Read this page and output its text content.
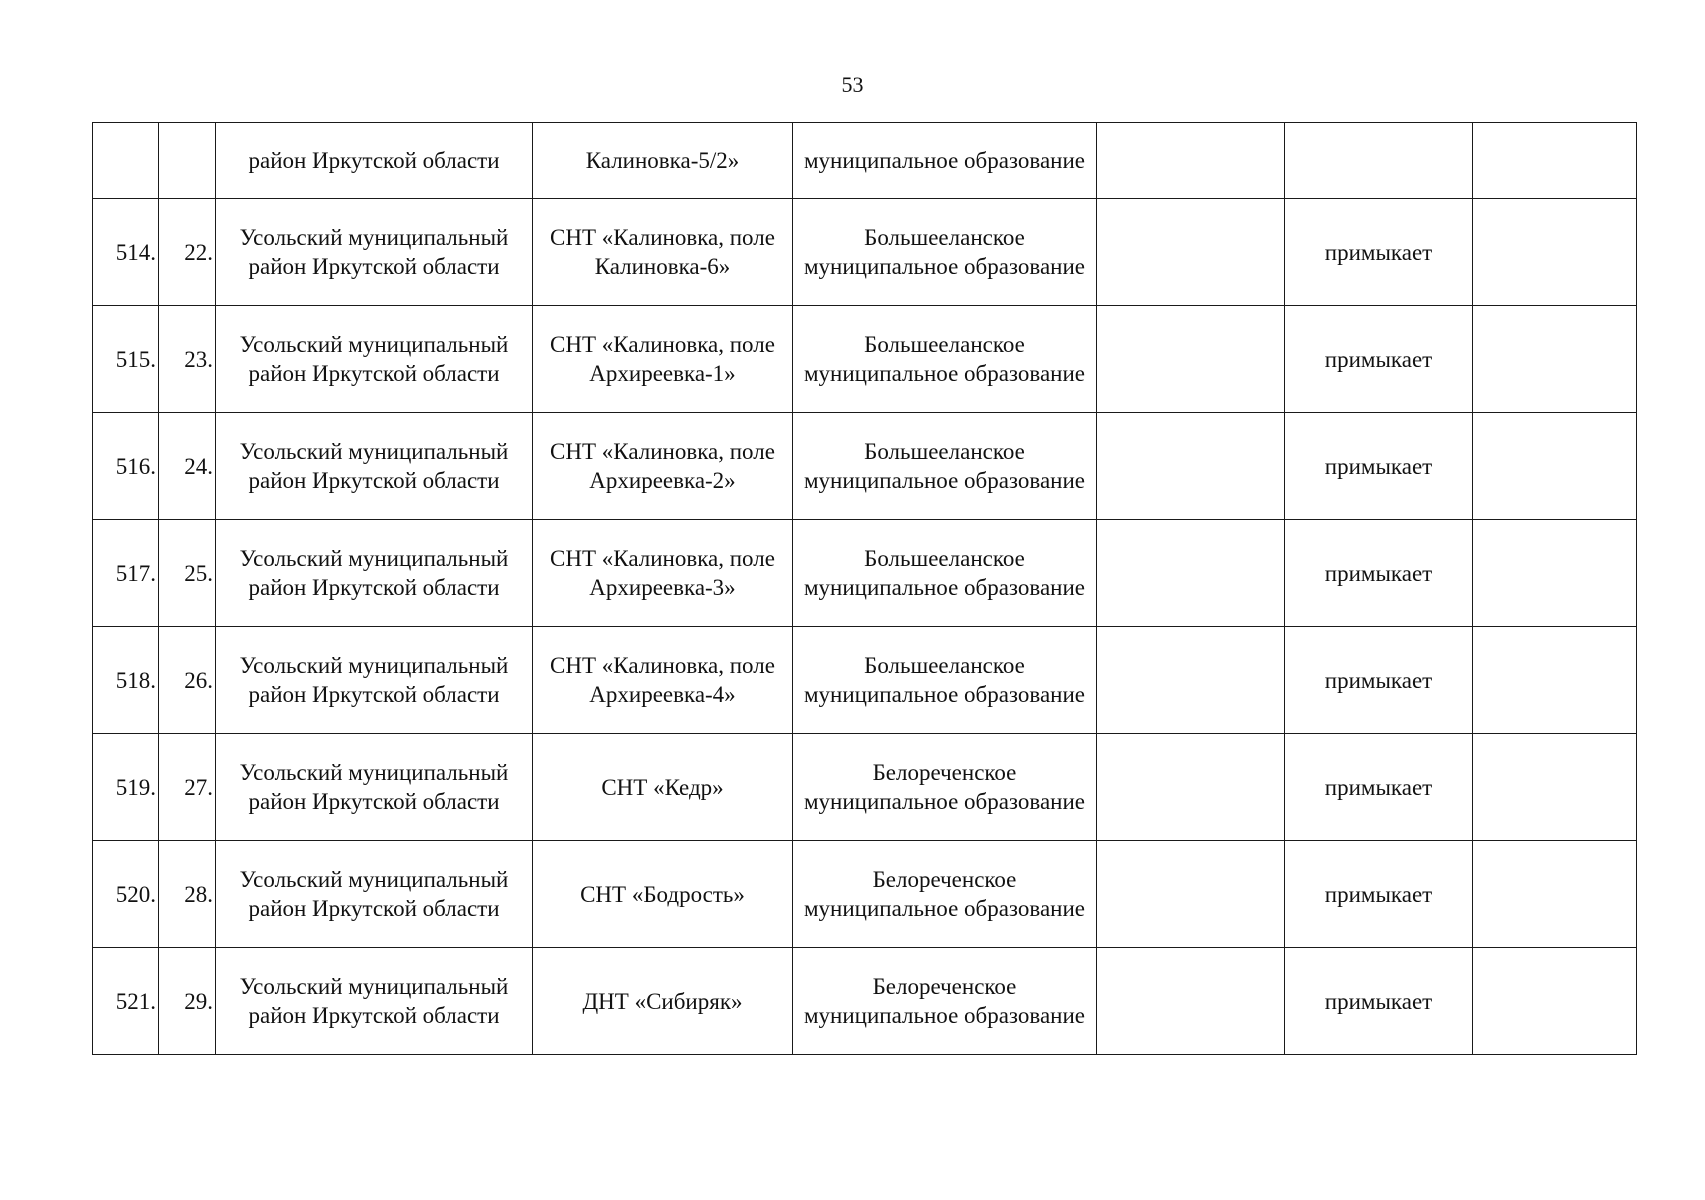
53
		район Иркутской области	Калиновка-5/2»	муниципальное образование			
514.	22.	Усольский муниципальный район Иркутской области	СНТ «Калиновка, поле Калиновка-6»	Большееланское муниципальное образование		примыкает	
515.	23.	Усольский муниципальный район Иркутской области	СНТ «Калиновка, поле Архиреевка-1»	Большееланское муниципальное образование		примыкает	
516.	24.	Усольский муниципальный район Иркутской области	СНТ «Калиновка, поле Архиреевка-2»	Большееланское муниципальное образование		примыкает	
517.	25.	Усольский муниципальный район Иркутской области	СНТ «Калиновка, поле Архиреевка-3»	Большееланское муниципальное образование		примыкает	
518.	26.	Усольский муниципальный район Иркутской области	СНТ «Калиновка, поле Архиреевка-4»	Большееланское муниципальное образование		примыкает	
519.	27.	Усольский муниципальный район Иркутской области	СНТ «Кедр»	Белореченское муниципальное образование		примыкает	
520.	28.	Усольский муниципальный район Иркутской области	СНТ «Бодрость»	Белореченское муниципальное образование		примыкает	
521.	29.	Усольский муниципальный район Иркутской области	ДНТ «Сибиряк»	Белореченское муниципальное образование		примыкает	
